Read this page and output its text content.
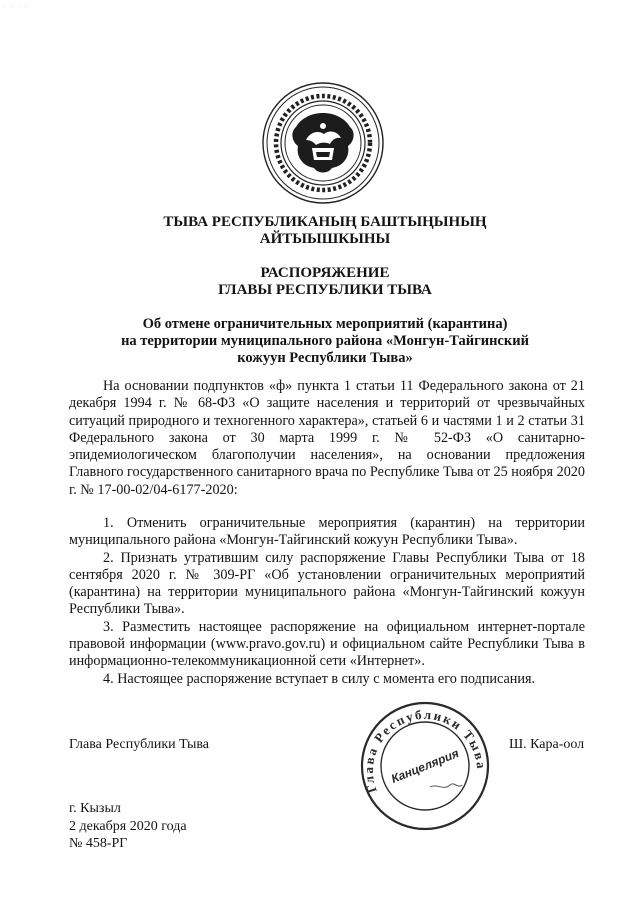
· · · ·

ТЫВА РЕСПУБЛИКАНЫҢ БАШТЫҢЫНЫҢ
АЙТЫЫШКЫНЫ

РАСПОРЯЖЕНИЕ
ГЛАВЫ РЕСПУБЛИКИ ТЫВА

Об отмене ограничительных мероприятий (карантина)
на территории муниципального района «Монгун-Тайгинский
кожуун Республики Тыва»

На основании подпунктов «ф» пункта 1 статьи 11 Федерального закона от 21 декабря 1994 г. № 68-ФЗ «О защите населения и территорий от чрезвычайных ситуаций природного и техногенного характера», статьей 6 и частями 1 и 2 статьи 31 Федерального закона от 30 марта 1999 г. № 52-ФЗ «О санитарно-эпидемиологическом благополучии населения», на основании предложения Главного государственного санитарного врача по Республике Тыва от 25 ноября 2020 г. № 17-00-02/04-6177-2020:

1. Отменить ограничительные мероприятия (карантин) на территории муниципального района «Монгун-Тайгинский кожуун Республики Тыва».

2. Признать утратившим силу распоряжение Главы Республики Тыва от 18 сентября 2020 г. № 309-РГ «Об установлении ограничительных мероприятий (карантина) на территории муниципального района «Монгун-Тайгинский кожуун Республики Тыва».

3. Разместить настоящее распоряжение на официальном интернет-портале правовой информации (www.pravo.gov.ru) и официальном сайте Республики Тыва в информационно-телекоммуникационной сети «Интернет».

4. Настоящее распоряжение вступает в силу с момента его подписания.

Глава Республики Тыва
Глава Республики Тыва
Канцелярия
Ш. Кара-оол
г. Кызыл
2 декабря 2020 года
№ 458-РГ
